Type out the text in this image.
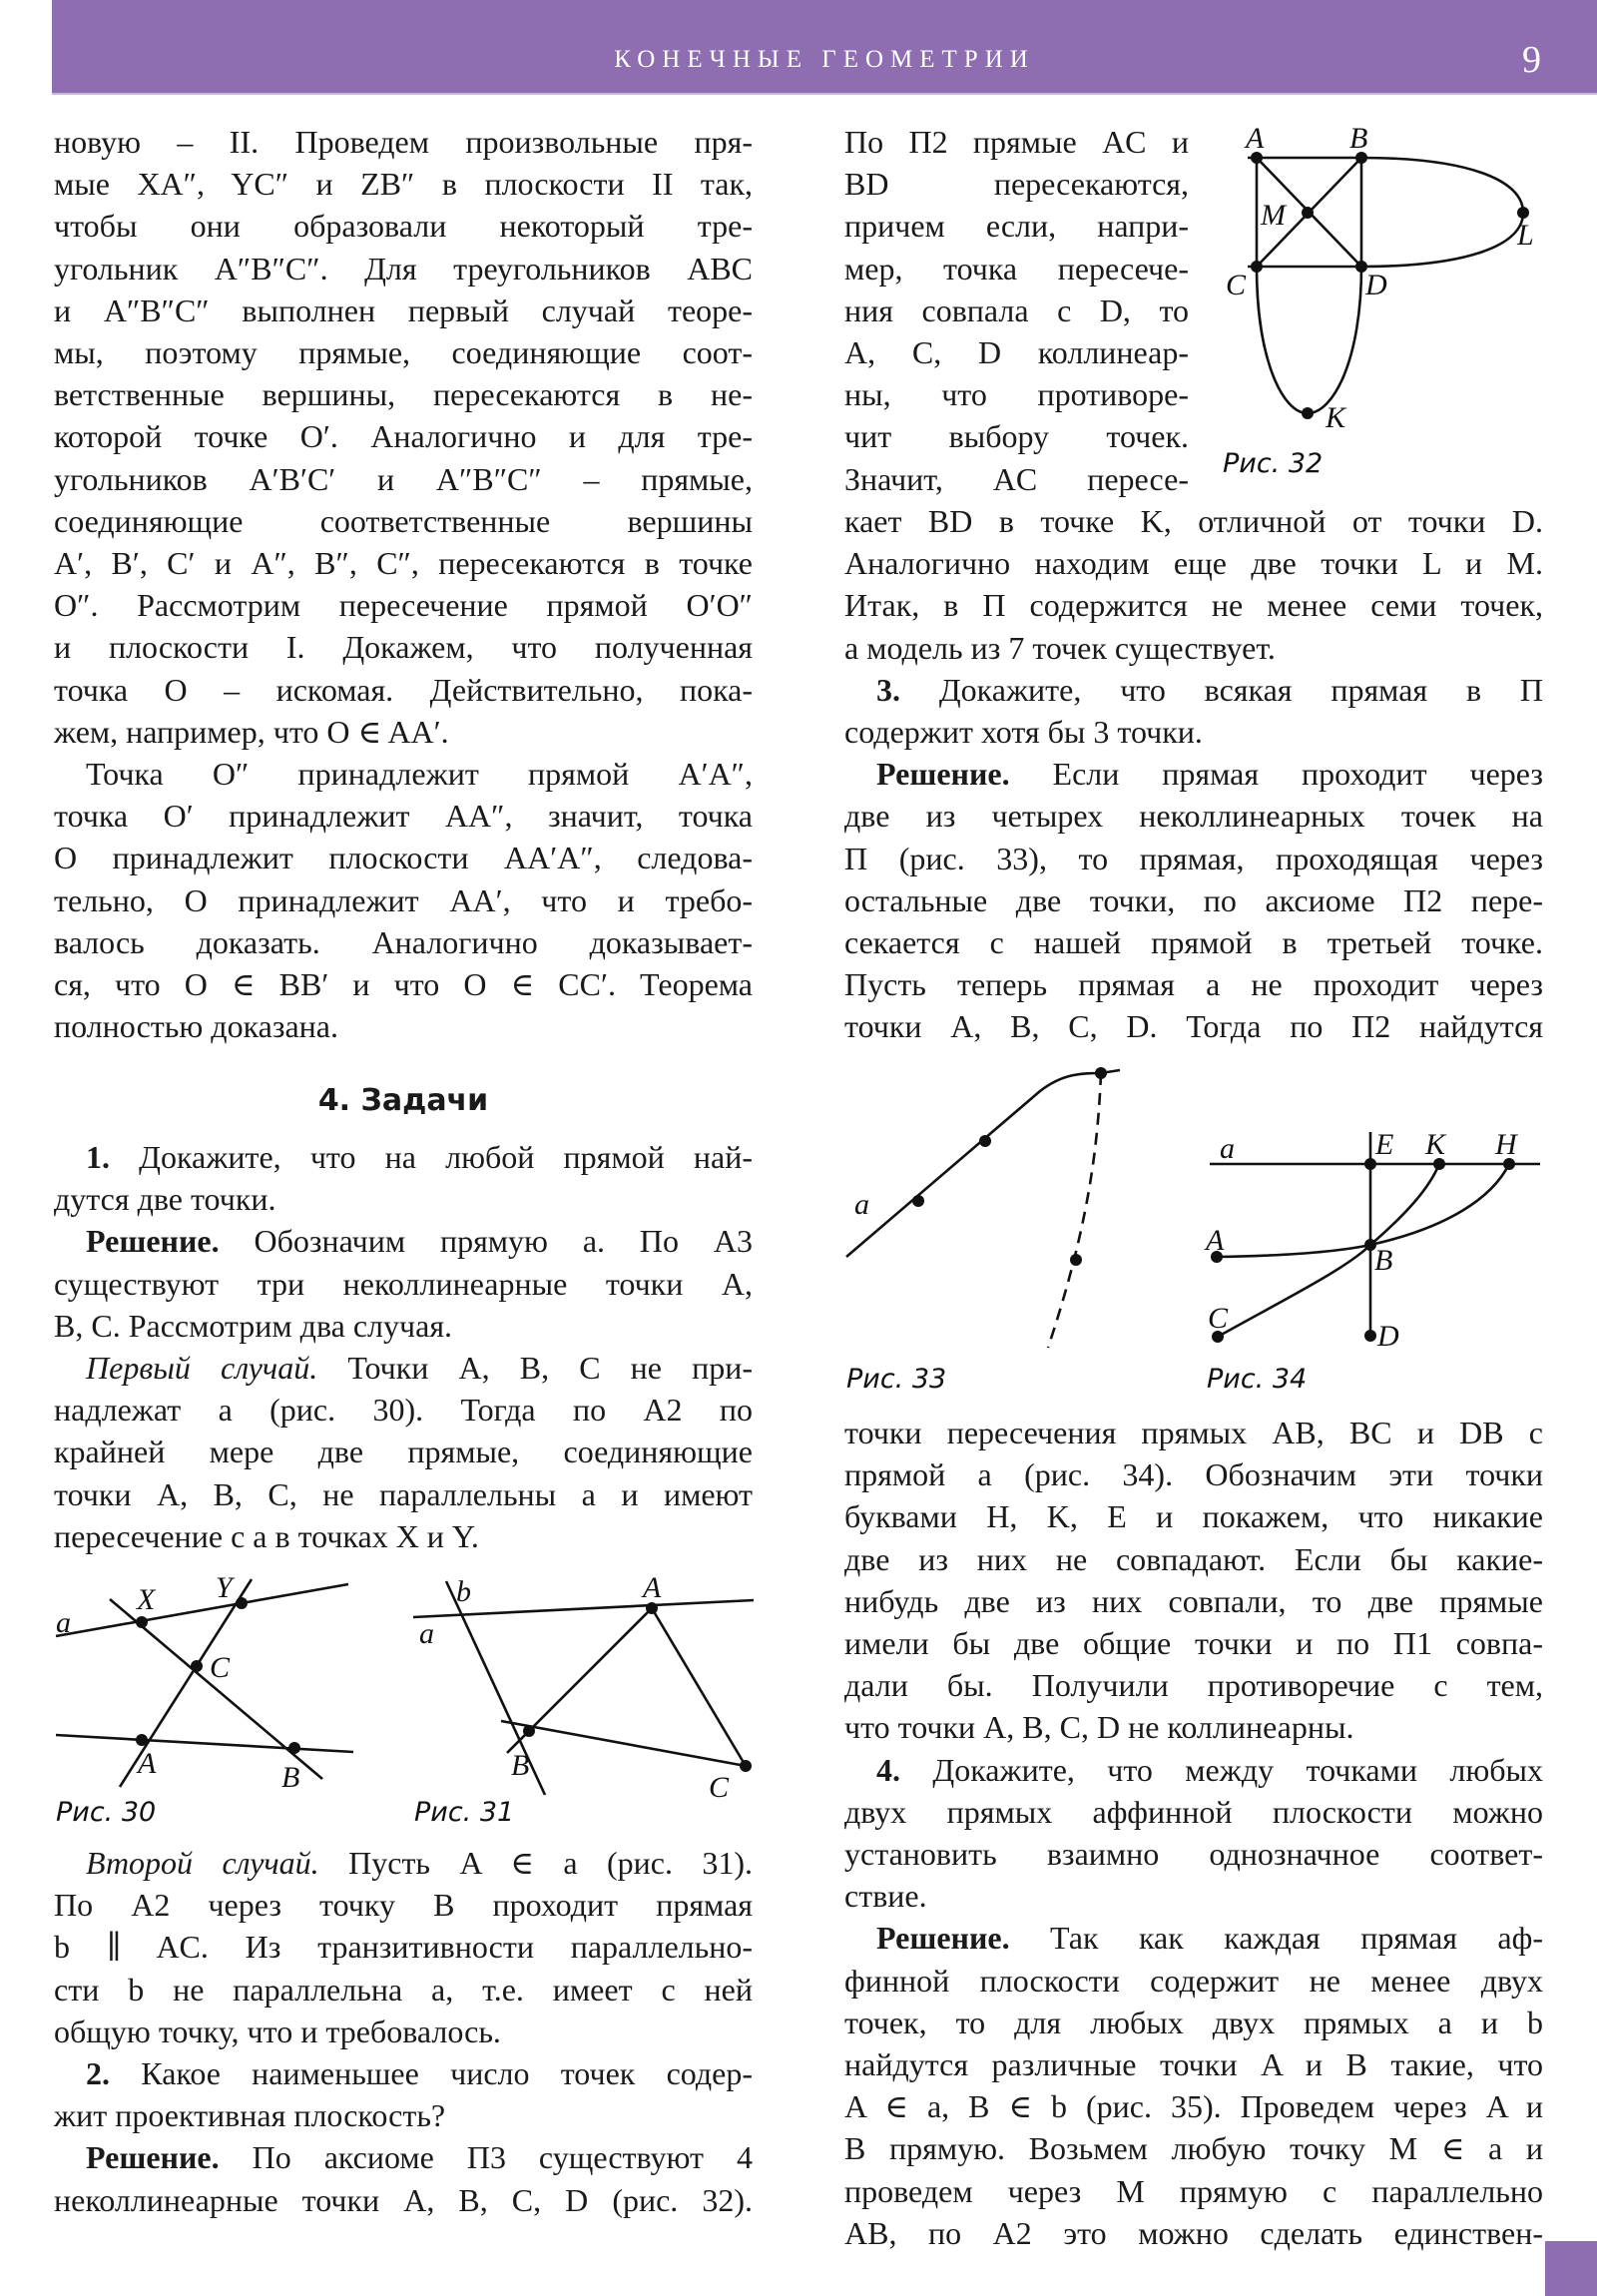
КОНЕЧНЫЕ ГЕОМЕТРИИ	9
новую – II. Проведем произвольные пря-
мые XA″, YC″ и ZB″ в плоскости II так,
чтобы они образовали некоторый тре-
угольник A″B″C″. Для треугольников ABC
и A″B″C″ выполнен первый случай теоре-
мы, поэтому прямые, соединяющие соот-
ветственные вершины, пересекаются в не-
которой точке O′. Аналогично и для тре-
угольников A′B′C′ и A″B″C″ – прямые,
соединяющие соответственные вершины
A′, B′, C′ и A″, B″, C″, пересекаются в точке
O″. Рассмотрим пересечение прямой O′O″
и плоскости I. Докажем, что полученная
точка O – искомая. Действительно, пока-
жем, например, что O ∈ AA′.
Точка O″ принадлежит прямой A′A″,
точка O′ принадлежит AA″, значит, точка
O принадлежит плоскости AA′A″, следова-
тельно, O принадлежит AA′, что и требо-
валось доказать. Аналогично доказывает-
ся, что O ∈ BB′ и что O ∈ CC′. Теорема
полностью доказана.
4. Задачи
1. Докажите, что на любой прямой най-
дутся две точки.
Решение. Обозначим прямую a. По А3
существуют три неколлинеарные точки A,
B, C. Рассмотрим два случая.
Первый случай. Точки A, B, C не при-
надлежат a (рис. 30). Тогда по А2 по
крайней мере две прямые, соединяющие
точки A, B, C, не параллельны a и имеют
пересечение с a в точках X и Y.
Второй случай. Пусть A ∈ a (рис. 31).
По А2 через точку B проходит прямая
b ∥ AC. Из транзитивности параллельно-
сти b не параллельна a, т.е. имеет с ней
общую точку, что и требовалось.
2. Какое наименьшее число точек содер-
жит проективная плоскость?
Решение. По аксиоме П3 существуют 4
неколлинеарные точки A, B, C, D (рис. 32).
По П2 прямые AC и
BD пересекаются,
причем если, напри-
мер, точка пересече-
ния совпала с D, то
A, C, D коллинеар-
ны, что противоре-
чит выбору точек.
Значит, AC пересе-
кает BD в точке K, отличной от точки D.
Аналогично находим еще две точки L и M.
Итак, в П содержится не менее семи точек,
а модель из 7 точек существует.
3. Докажите, что всякая прямая в П
содержит хотя бы 3 точки.
Решение. Если прямая проходит через
две из четырех неколлинеарных точек на
П (рис. 33), то прямая, проходящая через
остальные две точки, по аксиоме П2 пере-
секается с нашей прямой в третьей точке.
Пусть теперь прямая a не проходит через
точки A, B, C, D. Тогда по П2 найдутся
точки пересечения прямых AB, BC и DB с
прямой a (рис. 34). Обозначим эти точки
буквами H, K, E и покажем, что никакие
две из них не совпадают. Если бы какие-
нибудь две из них совпали, то две прямые
имели бы две общие точки и по П1 совпа-
дали бы. Получили противоречие с тем,
что точки A, B, C, D не коллинеарны.
4. Докажите, что между точками любых
двух прямых аффинной плоскости можно
установить взаимно однозначное соответ-
ствие.
Решение. Так как каждая прямая аф-
финной плоскости содержит не менее двух
точек, то для любых двух прямых a и b
найдутся различные точки A и B такие, что
A ∈ a, B ∈ b (рис. 35). Проведем через A и
B прямую. Возьмем любую точку M ∈ a и
проведем через M прямую c параллельно
AB, по A2 это можно сделать единствен-
a
X Y
C
A	B
Рис. 30
b
a
A
B
C
Рис. 31
A	B
C	D
M
L
K
Рис. 32
a
Рис. 33
a	E K H
A
B
C
D
Рис. 34
